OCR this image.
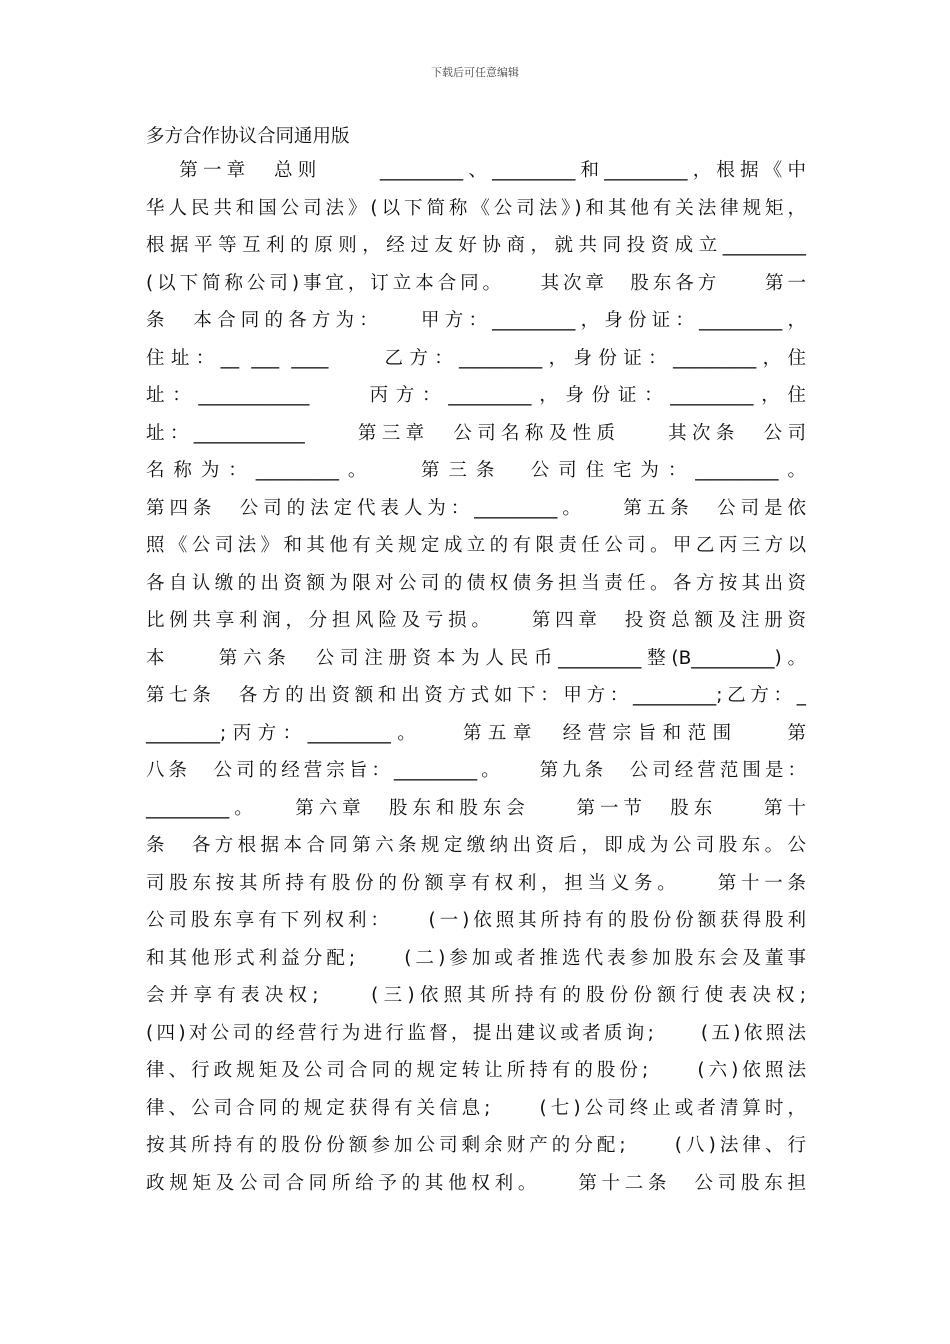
下载后可任意编辑
多方合作协议合同通用版
第一章　总则　　 _________、_________和_________，根据《中
华人民共和国公司法》(以下简称《公司法》)和其他有关法律规矩，
根据平等互利的原则，经过友好协商，就共同投资成立_________
(以下简称公司)事宜，订立本合同。　　其次章　股东各方　　第一
条　本合同的各方为：　　甲方：_________，身份证：_________，
住址：__ ___ ____　　乙方：_________，身份证：_________，住
址：____________　　丙方：_________，身份证：_________，住
址：____________　　第三章　公司名称及性质　　其次条　公司
名称为：_________。　　第三条　公司住宅为：_________。
第四条　公司的法定代表人为：_________。　　第五条　公司是依
照《公司法》和其他有关规定成立的有限责任公司。甲乙丙三方以
各自认缴的出资额为限对公司的债权债务担当责任。各方按其出资
比例共享利润，分担风险及亏损。　　第四章　投资总额及注册资
本　　第六条　公司注册资本为人民币_________整(B_________)。
第七条　各方的出资额和出资方式如下：甲方：_________;乙方：_
________;丙方：_________。　　第五章　经营宗旨和范围　　第
八条　公司的经营宗旨：_________。　　第九条　公司经营范围是：
_________。　　第六章　股东和股东会　　第一节　股东　　第十
条　各方根据本合同第六条规定缴纳出资后，即成为公司股东。公
司股东按其所持有股份的份额享有权利，担当义务。　　第十一条
公司股东享有下列权利：　　(一)依照其所持有的股份份额获得股利
和其他形式利益分配;　　(二)参加或者推选代表参加股东会及董事
会并享有表决权;　　(三)依照其所持有的股份份额行使表决权;
(四)对公司的经营行为进行监督，提出建议或者质询;　　(五)依照法
律、行政规矩及公司合同的规定转让所持有的股份;　　(六)依照法
律、公司合同的规定获得有关信息;　　(七)公司终止或者清算时，
按其所持有的股份份额参加公司剩余财产的分配;　　(八)法律、行
政规矩及公司合同所给予的其他权利。　　第十二条　公司股东担
